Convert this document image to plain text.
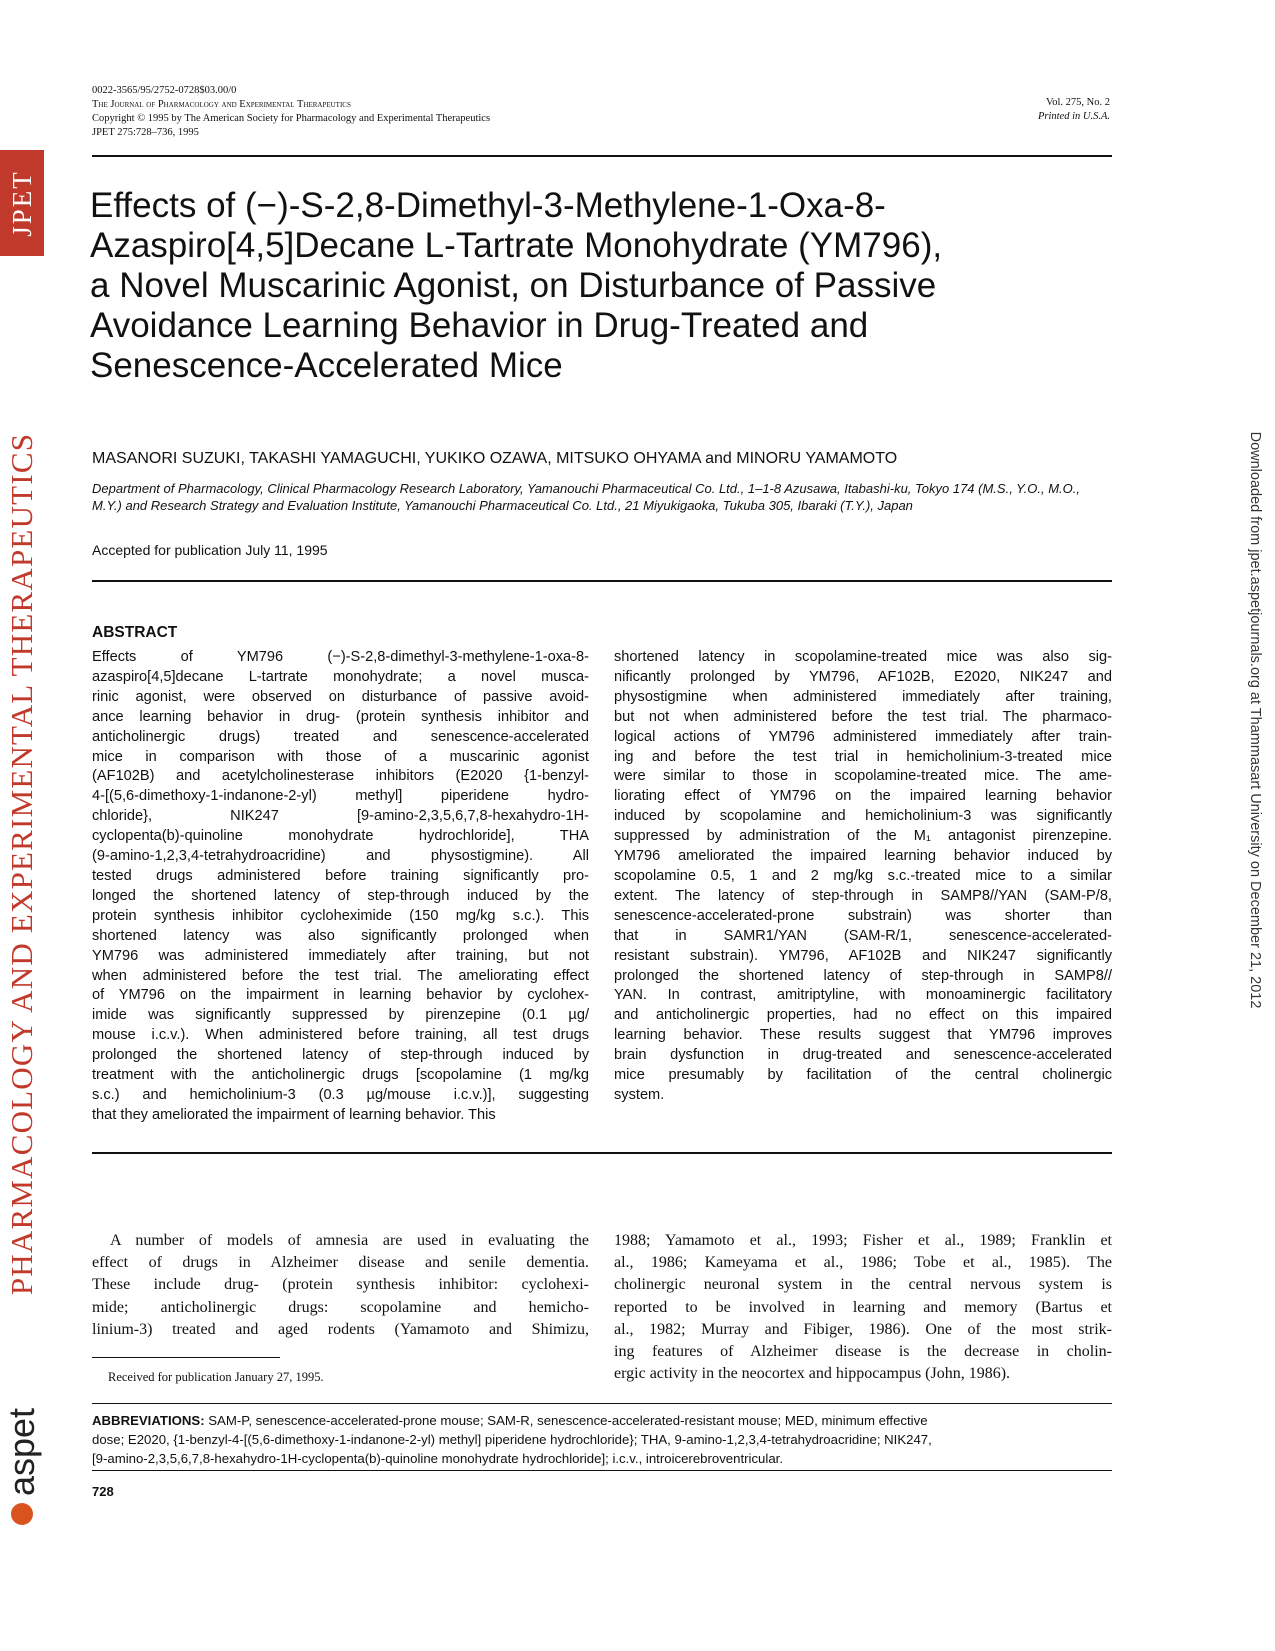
JPET
PHARMACOLOGY AND EXPERIMENTAL THERAPEUTICS
aspet
Downloaded from jpet.aspetjournals.org at Thammasart University on December 21, 2012
0022-3565/95/2752-0728$03.00/0
The Journal of Pharmacology and Experimental Therapeutics
Copyright © 1995 by The American Society for Pharmacology and Experimental Therapeutics
JPET 275:728–736, 1995
Vol. 275, No. 2
Printed in U.S.A.
Effects of (−)-S-2,8-Dimethyl-3-Methylene-1-Oxa-8-
Azaspiro[4,5]Decane L-Tartrate Monohydrate (YM796),
a Novel Muscarinic Agonist, on Disturbance of Passive
Avoidance Learning Behavior in Drug-Treated and
Senescence-Accelerated Mice
MASANORI SUZUKI, TAKASHI YAMAGUCHI, YUKIKO OZAWA, MITSUKO OHYAMA and MINORU YAMAMOTO
Department of Pharmacology, Clinical Pharmacology Research Laboratory, Yamanouchi Pharmaceutical Co. Ltd., 1–1-8 Azusawa, Itabashi-ku, Tokyo 174 (M.S., Y.O., M.O., M.Y.) and Research Strategy and Evaluation Institute, Yamanouchi Pharmaceutical Co. Ltd., 21 Miyukigaoka, Tukuba 305, Ibaraki (T.Y.), Japan
Accepted for publication July 11, 1995
ABSTRACT
Effects of YM796 (−)-S-2,8-dimethyl-3-methylene-1-oxa-8-
azaspiro[4,5]decane L-tartrate monohydrate; a novel musca-
rinic agonist, were observed on disturbance of passive avoid-
ance learning behavior in drug- (protein synthesis inhibitor and
anticholinergic drugs) treated and senescence-accelerated
mice in comparison with those of a muscarinic agonist
(AF102B) and acetylcholinesterase inhibitors (E2020 {1-benzyl-
4-[(5,6-dimethoxy-1-indanone-2-yl) methyl] piperidene hydro-
chloride}, NIK247 [9-amino-2,3,5,6,7,8-hexahydro-1H-
cyclopenta(b)-quinoline monohydrate hydrochloride], THA
(9-amino-1,2,3,4-tetrahydroacridine) and physostigmine). All
tested drugs administered before training significantly pro-
longed the shortened latency of step-through induced by the
protein synthesis inhibitor cycloheximide (150 mg/kg s.c.). This
shortened latency was also significantly prolonged when
YM796 was administered immediately after training, but not
when administered before the test trial. The ameliorating effect
of YM796 on the impairment in learning behavior by cyclohex-
imide was significantly suppressed by pirenzepine (0.1 µg/
mouse i.c.v.). When administered before training, all test drugs
prolonged the shortened latency of step-through induced by
treatment with the anticholinergic drugs [scopolamine (1 mg/kg
s.c.) and hemicholinium-3 (0.3 µg/mouse i.c.v.)], suggesting
that they ameliorated the impairment of learning behavior. This
shortened latency in scopolamine-treated mice was also sig-
nificantly prolonged by YM796, AF102B, E2020, NIK247 and
physostigmine when administered immediately after training,
but not when administered before the test trial. The pharmaco-
logical actions of YM796 administered immediately after train-
ing and before the test trial in hemicholinium-3-treated mice
were similar to those in scopolamine-treated mice. The ame-
liorating effect of YM796 on the impaired learning behavior
induced by scopolamine and hemicholinium-3 was significantly
suppressed by administration of the M₁ antagonist pirenzepine.
YM796 ameliorated the impaired learning behavior induced by
scopolamine 0.5, 1 and 2 mg/kg s.c.-treated mice to a similar
extent. The latency of step-through in SAMP8//YAN (SAM-P/8,
senescence-accelerated-prone substrain) was shorter than
that in SAMR1/YAN (SAM-R/1, senescence-accelerated-
resistant substrain). YM796, AF102B and NIK247 significantly
prolonged the shortened latency of step-through in SAMP8//
YAN. In contrast, amitriptyline, with monoaminergic facilitatory
and anticholinergic properties, had no effect on this impaired
learning behavior. These results suggest that YM796 improves
brain dysfunction in drug-treated and senescence-accelerated
mice presumably by facilitation of the central cholinergic
system.
A number of models of amnesia are used in evaluating the
effect of drugs in Alzheimer disease and senile dementia.
These include drug- (protein synthesis inhibitor: cyclohexi-
mide; anticholinergic drugs: scopolamine and hemicho-
linium-3) treated and aged rodents (Yamamoto and Shimizu,
1988; Yamamoto et al., 1993; Fisher et al., 1989; Franklin et
al., 1986; Kameyama et al., 1986; Tobe et al., 1985). The
cholinergic neuronal system in the central nervous system is
reported to be involved in learning and memory (Bartus et
al., 1982; Murray and Fibiger, 1986). One of the most strik-
ing features of Alzheimer disease is the decrease in cholin-
ergic activity in the neocortex and hippocampus (John, 1986).
Received for publication January 27, 1995.
ABBREVIATIONS: SAM-P, senescence-accelerated-prone mouse; SAM-R, senescence-accelerated-resistant mouse; MED, minimum effective
dose; E2020, {1-benzyl-4-[(5,6-dimethoxy-1-indanone-2-yl) methyl] piperidene hydrochloride}; THA, 9-amino-1,2,3,4-tetrahydroacridine; NIK247,
[9-amino-2,3,5,6,7,8-hexahydro-1H-cyclopenta(b)-quinoline monohydrate hydrochloride]; i.c.v., introicerebroventricular.
728
